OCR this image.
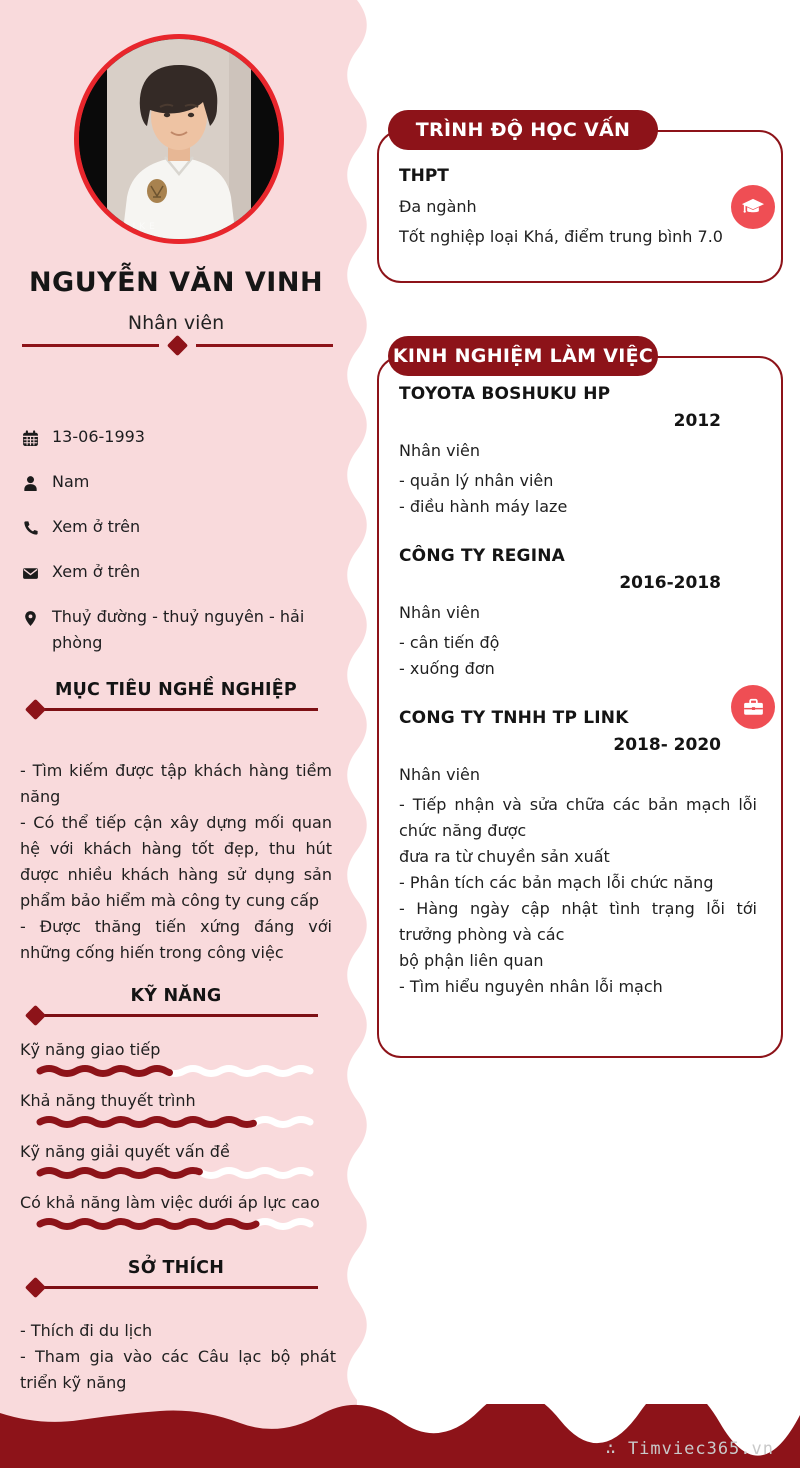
ULIKE
NGUYỄN VĂN VINH
Nhân viên
13-06-1993
Nam
Xem ở trên
Xem ở trên
Thuỷ đường - thuỷ nguyên - hải phòng
MỤC TIÊU NGHỀ NGHIỆP

- Tìm kiếm được tập khách hàng tiềm năng

- Có thể tiếp cận xây dựng mối quan hệ với khách hàng tốt đẹp, thu hút được nhiều khách hàng sử dụng sản phẩm bảo hiểm mà công ty cung cấp

- Được thăng tiến xứng đáng với những cống hiến trong công việc

KỸ NĂNG
Kỹ năng giao tiếp
Khả năng thuyết trình
Kỹ năng giải quyết vấn đề
Có khả năng làm việc dưới áp lực cao
SỞ THÍCH

- Thích đi du lịch

- Tham gia vào các Câu lạc bộ phát triển kỹ năng

THPT

Đa ngành

Tốt nghiệp loại Khá, điểm trung bình 7.0

TRÌNH ĐỘ HỌC VẤN

TOYOTA BOSHUKU HP

2012

Nhân viên

- quản lý nhân viên

- điều hành máy laze

CÔNG TY REGINA

2016-2018

Nhân viên

- cân tiến độ

- xuống đơn

CONG TY TNHH TP LINK

2018- 2020

Nhân viên

- Tiếp nhận và sửa chữa các bản mạch lỗi chức năng được

đưa ra từ chuyền sản xuất

- Phân tích các bản mạch lỗi chức năng

- Hàng ngày cập nhật tình trạng lỗi tới trưởng phòng và các

bộ phận liên quan

- Tìm hiểu nguyên nhân lỗi mạch

KINH NGHIỆM LÀM VIỆC
∴ Timviec365.vn
